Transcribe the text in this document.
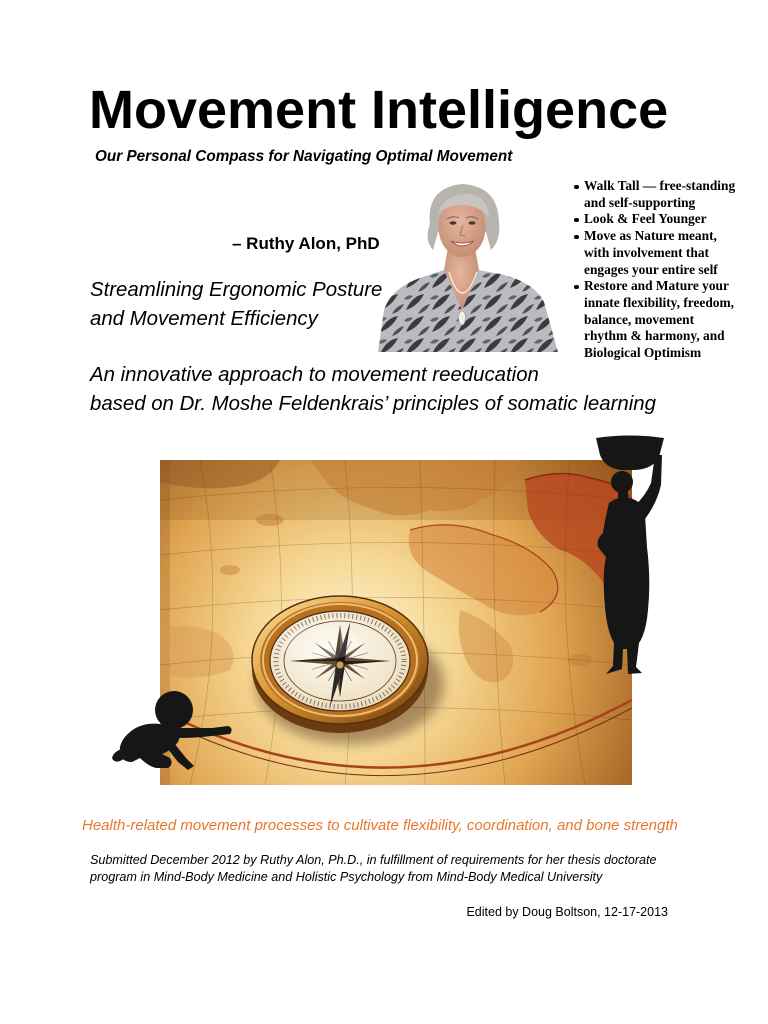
Movement Intelligence
Our Personal Compass for Navigating Optimal Movement
– Ruthy Alon, PhD
Walk Tall — free-standing
and self-supporting
Look & Feel Younger
Move as Nature meant,
with involvement that
engages your entire self
Restore and Mature your
innate flexibility, freedom,
balance, movement
rhythm & harmony, and
Biological Optimism
Streamlining Ergonomic Posture
and Movement Efficiency
An innovative approach to movement reeducation
based on Dr. Moshe Feldenkrais’ principles of somatic learning
Health-related movement processes to cultivate flexibility, coordination, and bone strength
Submitted December 2012 by Ruthy Alon, Ph.D., in fulfillment of requirements for her thesis doctorate
program in Mind-Body Medicine and Holistic Psychology from Mind-Body Medical University
Edited by Doug Boltson, 12-17-2013
